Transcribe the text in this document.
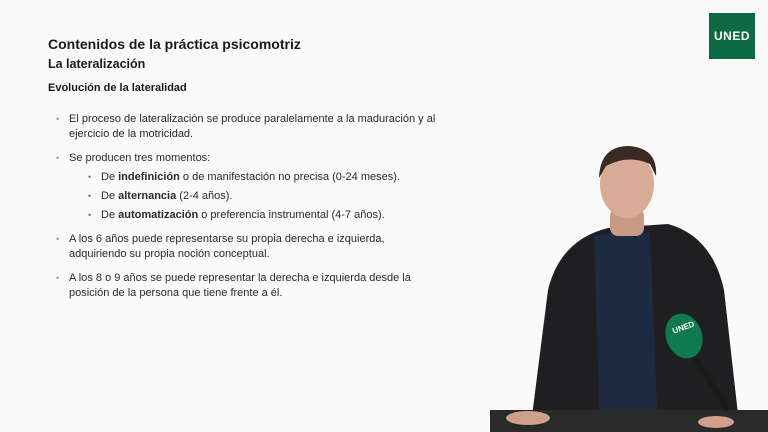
Contenidos de la práctica psicomotriz
La lateralización
Evolución de la lateralidad
• El proceso de lateralización se produce paralelamente a la maduración y al ejercicio de la motricidad.
• Se producen tres momentos:
• De indefinición o de manifestación no precisa (0-24 meses).
• De alternancia (2-4 años).
• De automatización o preferencia instrumental (4-7 años).
• A los 6 años puede representarse su propia derecha e izquierda, adquiriendo su propia noción conceptual.
• A los 8 o 9 años se puede representar la derecha e izquierda desde la posición de la persona que tiene frente a él.
UNED
UNED
